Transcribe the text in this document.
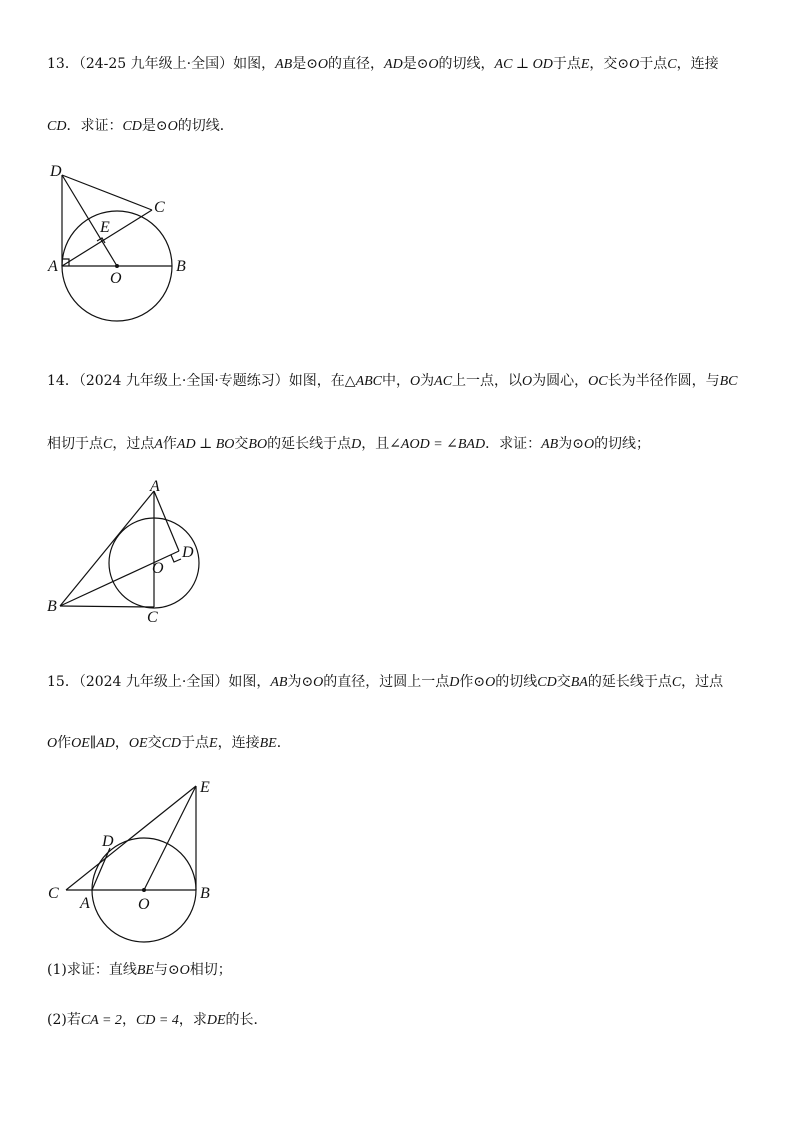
13．（24-25 九年级上·全国）如图，AB是⊙O的直径，AD是⊙O的切线，AC ⊥ OD于点E，交⊙O于点C，连接
CD．求证：CD是⊙O的切线．
D
C
E
A
O
B
14．（2024 九年级上·全国·专题练习）如图，在△ABC中，O为AC上一点，以O为圆心，OC长为半径作圆，与BC
相切于点C，过点A作AD ⊥ BO交BO的延长线于点D，且∠AOD = ∠BAD．求证：AB为⊙O的切线；
A
D
O
B
C
15．（2024 九年级上·全国）如图，AB为⊙O的直径，过圆上一点D作⊙O的切线CD交BA的延长线于点C，过点
O作OE∥AD，OE交CD于点E，连接BE．
E
D
C
A	O
B
(1)求证：直线BE与⊙O相切；
(2)若CA = 2，CD = 4，求DE的长．
